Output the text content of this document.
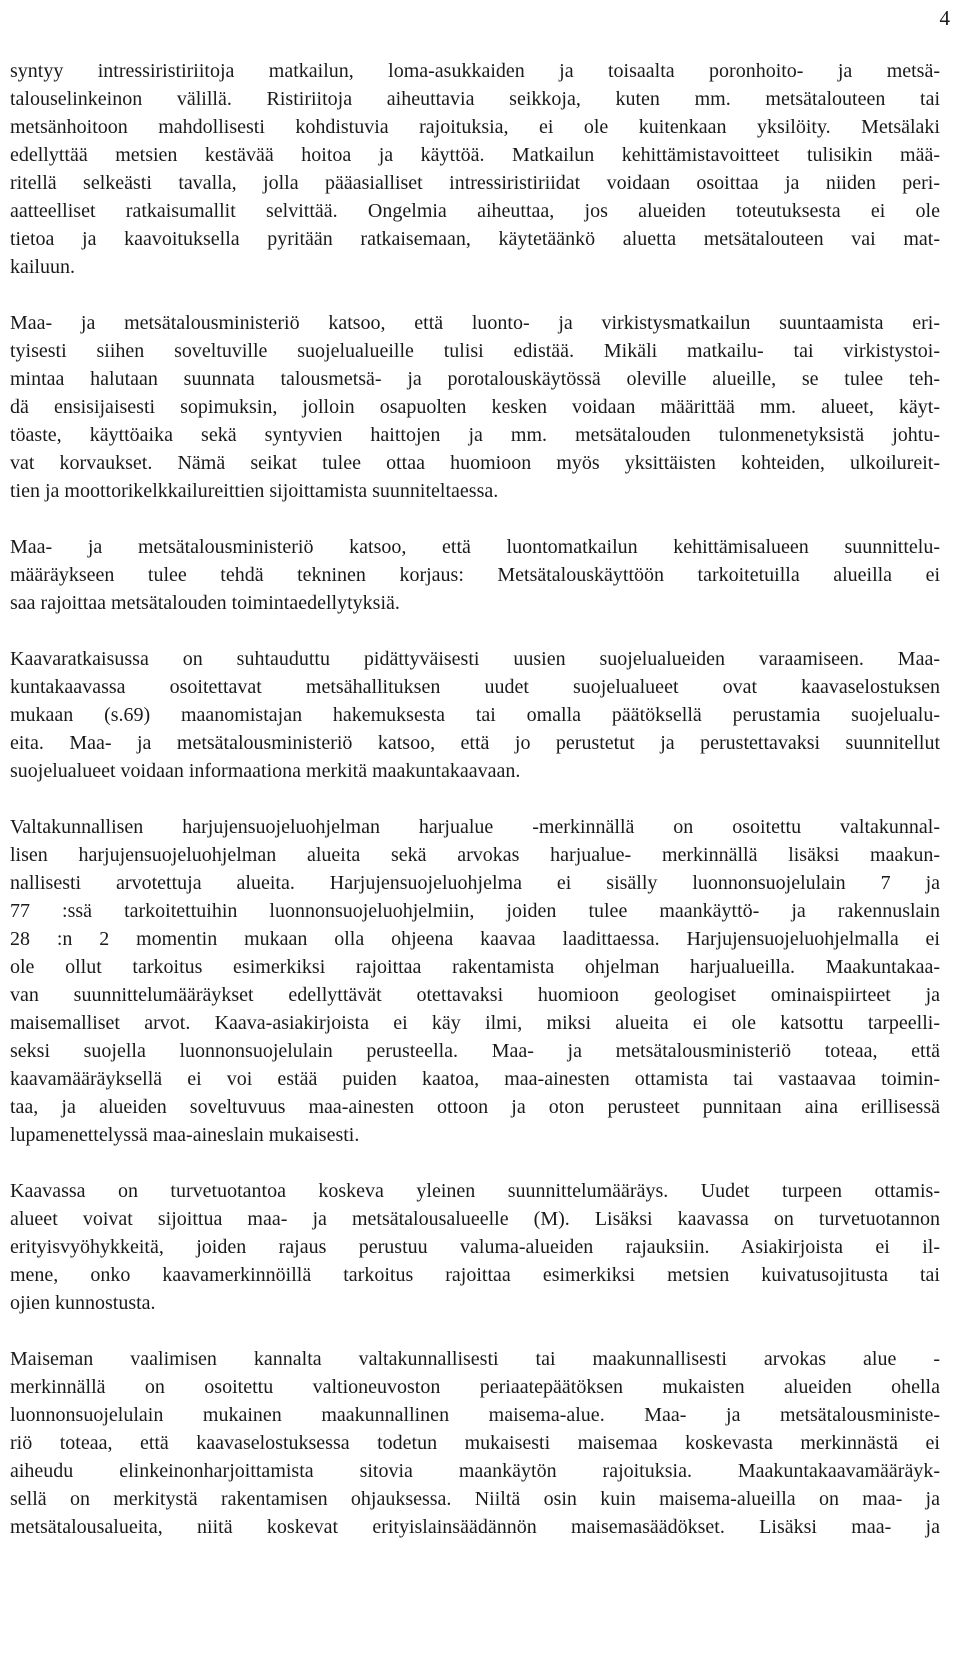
4
syntyy intressiristiriitoja matkailun, loma-asukkaiden ja toisaalta poronhoito- ja metsä-
talouselinkeinon välillä. Ristiriitoja aiheuttavia seikkoja, kuten mm. metsätalouteen tai
metsänhoitoon mahdollisesti kohdistuvia rajoituksia, ei ole kuitenkaan yksilöity. Metsälaki
edellyttää metsien kestävää hoitoa ja käyttöä. Matkailun kehittämistavoitteet tulisikin mää-
ritellä selkeästi tavalla, jolla pääasialliset intressiristiriidat voidaan osoittaa ja niiden peri-
aatteelliset ratkaisumallit selvittää. Ongelmia aiheuttaa, jos alueiden toteutuksesta ei ole
tietoa ja kaavoituksella pyritään ratkaisemaan, käytetäänkö aluetta metsätalouteen vai mat-
kailuun.
Maa- ja metsätalousministeriö katsoo, että luonto- ja virkistysmatkailun suuntaamista eri-
tyisesti siihen soveltuville suojelualueille tulisi edistää. Mikäli matkailu- tai virkistystoi-
mintaa halutaan suunnata talousmetsä- ja porotalouskäytössä oleville alueille, se tulee teh-
dä ensisijaisesti sopimuksin, jolloin osapuolten kesken voidaan määrittää mm. alueet, käyt-
töaste, käyttöaika sekä syntyvien haittojen ja mm. metsätalouden tulonmenetyksistä johtu-
vat korvaukset. Nämä seikat tulee ottaa huomioon myös yksittäisten kohteiden, ulkoilureit-
tien ja moottorikelkkailureittien sijoittamista suunniteltaessa.
Maa- ja metsätalousministeriö katsoo, että luontomatkailun kehittämisalueen suunnittelu-
määräykseen tulee tehdä tekninen korjaus: Metsätalouskäyttöön tarkoitetuilla alueilla ei
saa rajoittaa metsätalouden toimintaedellytyksiä.
Kaavaratkaisussa on suhtauduttu pidättyväisesti uusien suojelualueiden varaamiseen. Maa-
kuntakaavassa osoitettavat metsähallituksen uudet suojelualueet ovat kaavaselostuksen
mukaan (s.69) maanomistajan hakemuksesta tai omalla päätöksellä perustamia suojelualu-
eita. Maa- ja metsätalousministeriö katsoo, että jo perustetut ja perustettavaksi suunnitellut
suojelualueet voidaan informaationa merkitä maakuntakaavaan.
Valtakunnallisen harjujensuojeluohjelman harjualue -merkinnällä on osoitettu valtakunnal-
lisen harjujensuojeluohjelman alueita sekä arvokas harjualue- merkinnällä lisäksi maakun-
nallisesti arvotettuja alueita. Harjujensuojeluohjelma ei sisälly luonnonsuojelulain 7 ja
77 :ssä tarkoitettuihin luonnonsuojeluohjelmiin, joiden tulee maankäyttö- ja rakennuslain
28 :n 2 momentin mukaan olla ohjeena kaavaa laadittaessa. Harjujensuojeluohjelmalla ei
ole ollut tarkoitus esimerkiksi rajoittaa rakentamista ohjelman harjualueilla. Maakuntakaa-
van suunnittelumääräykset edellyttävät otettavaksi huomioon geologiset ominaispiirteet ja
maisemalliset arvot. Kaava-asiakirjoista ei käy ilmi, miksi alueita ei ole katsottu tarpeelli-
seksi suojella luonnonsuojelulain perusteella. Maa- ja metsätalousministeriö toteaa, että
kaavamääräyksellä ei voi estää puiden kaatoa, maa-ainesten ottamista tai vastaavaa toimin-
taa, ja alueiden soveltuvuus maa-ainesten ottoon ja oton perusteet punnitaan aina erillisessä
lupamenettelyssä maa-aineslain mukaisesti.
Kaavassa on turvetuotantoa koskeva yleinen suunnittelumääräys. Uudet turpeen ottamis-
alueet voivat sijoittua maa- ja metsätalousalueelle (M). Lisäksi kaavassa on turvetuotannon
erityisvyöhykkeitä, joiden rajaus perustuu valuma-alueiden rajauksiin. Asiakirjoista ei il-
mene, onko kaavamerkinnöillä tarkoitus rajoittaa esimerkiksi metsien kuivatusojitusta tai
ojien kunnostusta.
Maiseman vaalimisen kannalta valtakunnallisesti tai maakunnallisesti arvokas alue -
merkinnällä on osoitettu valtioneuvoston periaatepäätöksen mukaisten alueiden ohella
luonnonsuojelulain mukainen maakunnallinen maisema-alue. Maa- ja metsätalousministe-
riö toteaa, että kaavaselostuksessa todetun mukaisesti maisemaa koskevasta merkinnästä ei
aiheudu elinkeinonharjoittamista sitovia maankäytön rajoituksia. Maakuntakaavamääräyk-
sellä on merkitystä rakentamisen ohjauksessa. Niiltä osin kuin maisema-alueilla on maa- ja
metsätalousalueita, niitä koskevat erityislainsäädännön maisemasäädökset. Lisäksi maa- ja
